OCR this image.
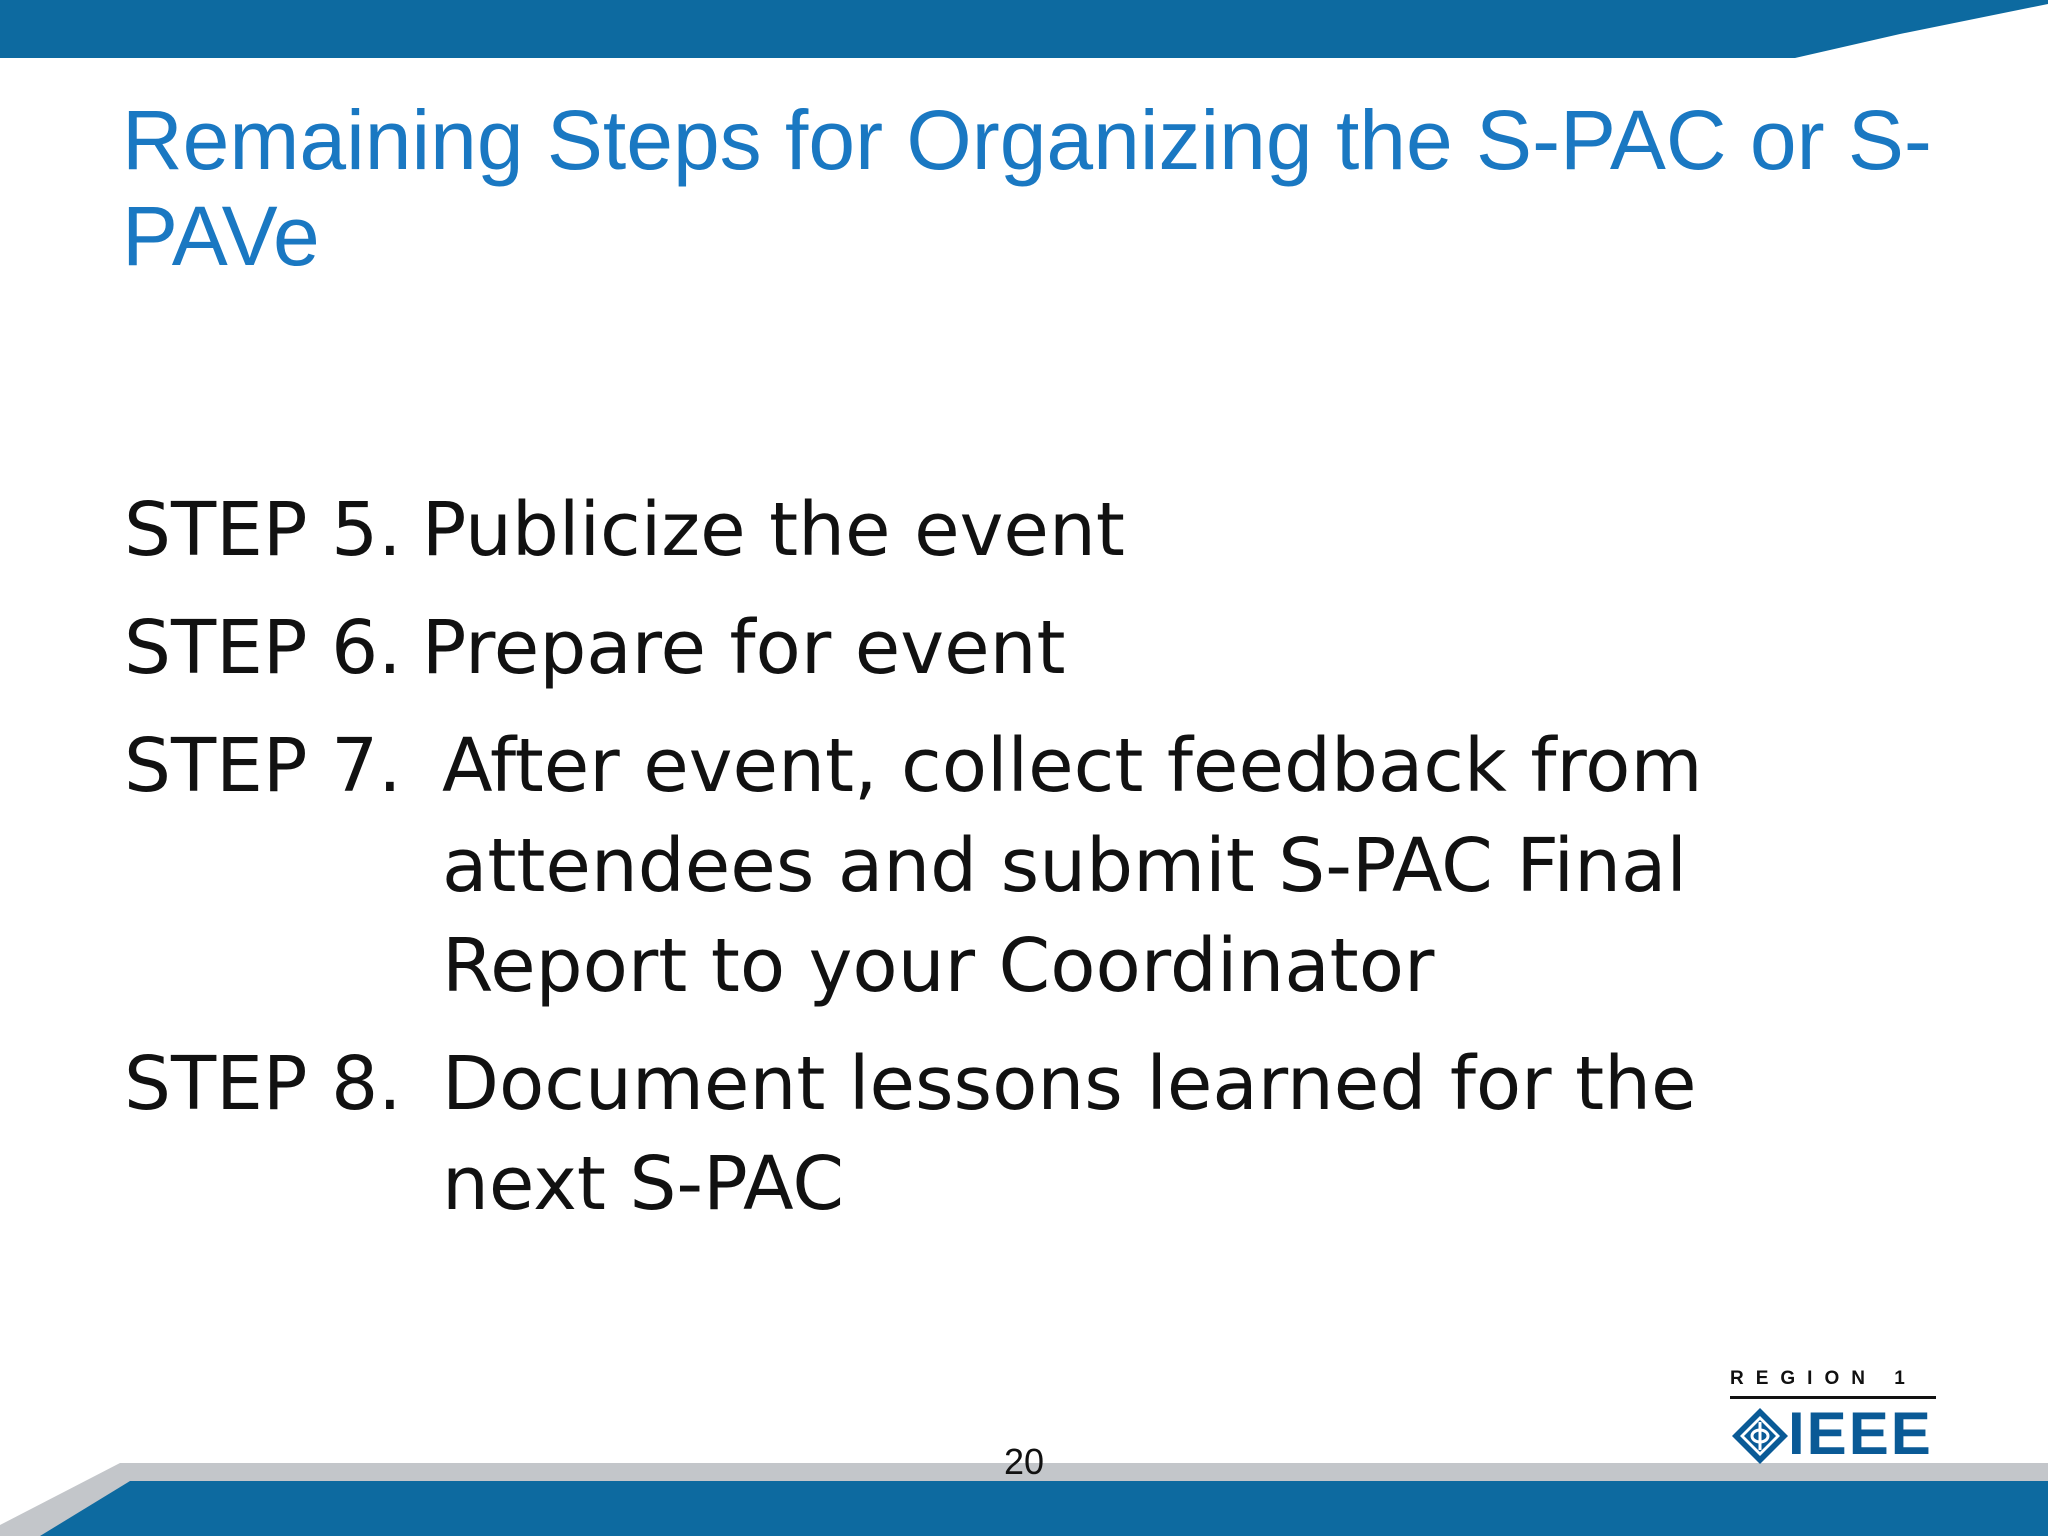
Remaining Steps for Organizing the S-PAC or S-PAVe
STEP 5. Publicize the event
STEP 6. Prepare for event
STEP 7. After event, collect feedback from attendees and submit S-PAC Final Report to your Coordinator
STEP 8. Document lessons learned for the next S-PAC
20
REGION 1
IEEE
